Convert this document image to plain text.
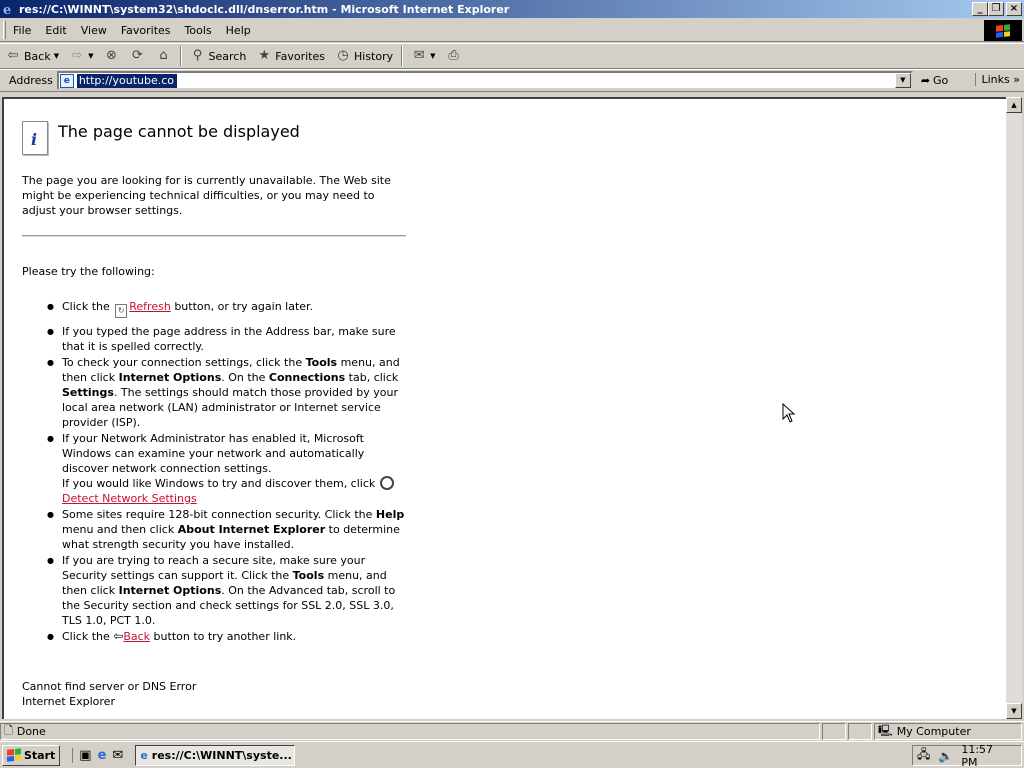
e res://C:\WINNT\system32\shdoclc.dll/dnserror.htm - Microsoft Internet Explorer	_ ❐ ×
File	Edit	View	Favorites	Tools	Help
⇦ Back ▼ ⇨ ▼ ⊗ ⟳ ⌂ ⚲ Search ★ Favorites ◷ History ✉ ▼ ⎙
Address	e
http://youtube.com/	▼	➦ Go	Links »
i The page cannot be displayed

The page you are looking for is currently unavailable. The Web site might be experiencing technical difficulties, or you may need to adjust your browser settings.

Please try the following:

● Click the ↻ Refresh button, or try again later.
● If you typed the page address in the Address bar, make sure that it is spelled correctly.
● To check your connection settings, click the Tools menu, and then click Internet Options. On the Connections tab, click Settings. The settings should match those provided by your local area network (LAN) administrator or Internet service provider (ISP).
● If your Network Administrator has enabled it, Microsoft Windows can examine your network and automatically discover network connection settings.
If you would like Windows to try and discover them, click Detect Network Settings
● Some sites require 128-bit connection security. Click the Help menu and then click About Internet Explorer to determine what strength security you have installed.
● If you are trying to reach a secure site, make sure your Security settings can support it. Click the Tools menu, and then click Internet Options. On the Advanced tab, scroll to the Security section and check settings for SSL 2.0, SSL 3.0, TLS 1.0, PCT 1.0.
● Click the ⇦Back button to try another link.
Cannot find server or DNS Error
Internet Explorer
▲
▼
🗋 Done	🖳 My Computer
Start ▣ e ✉ e res://C:\WINNT\syste...	🖧 🔈 11:57 PM
